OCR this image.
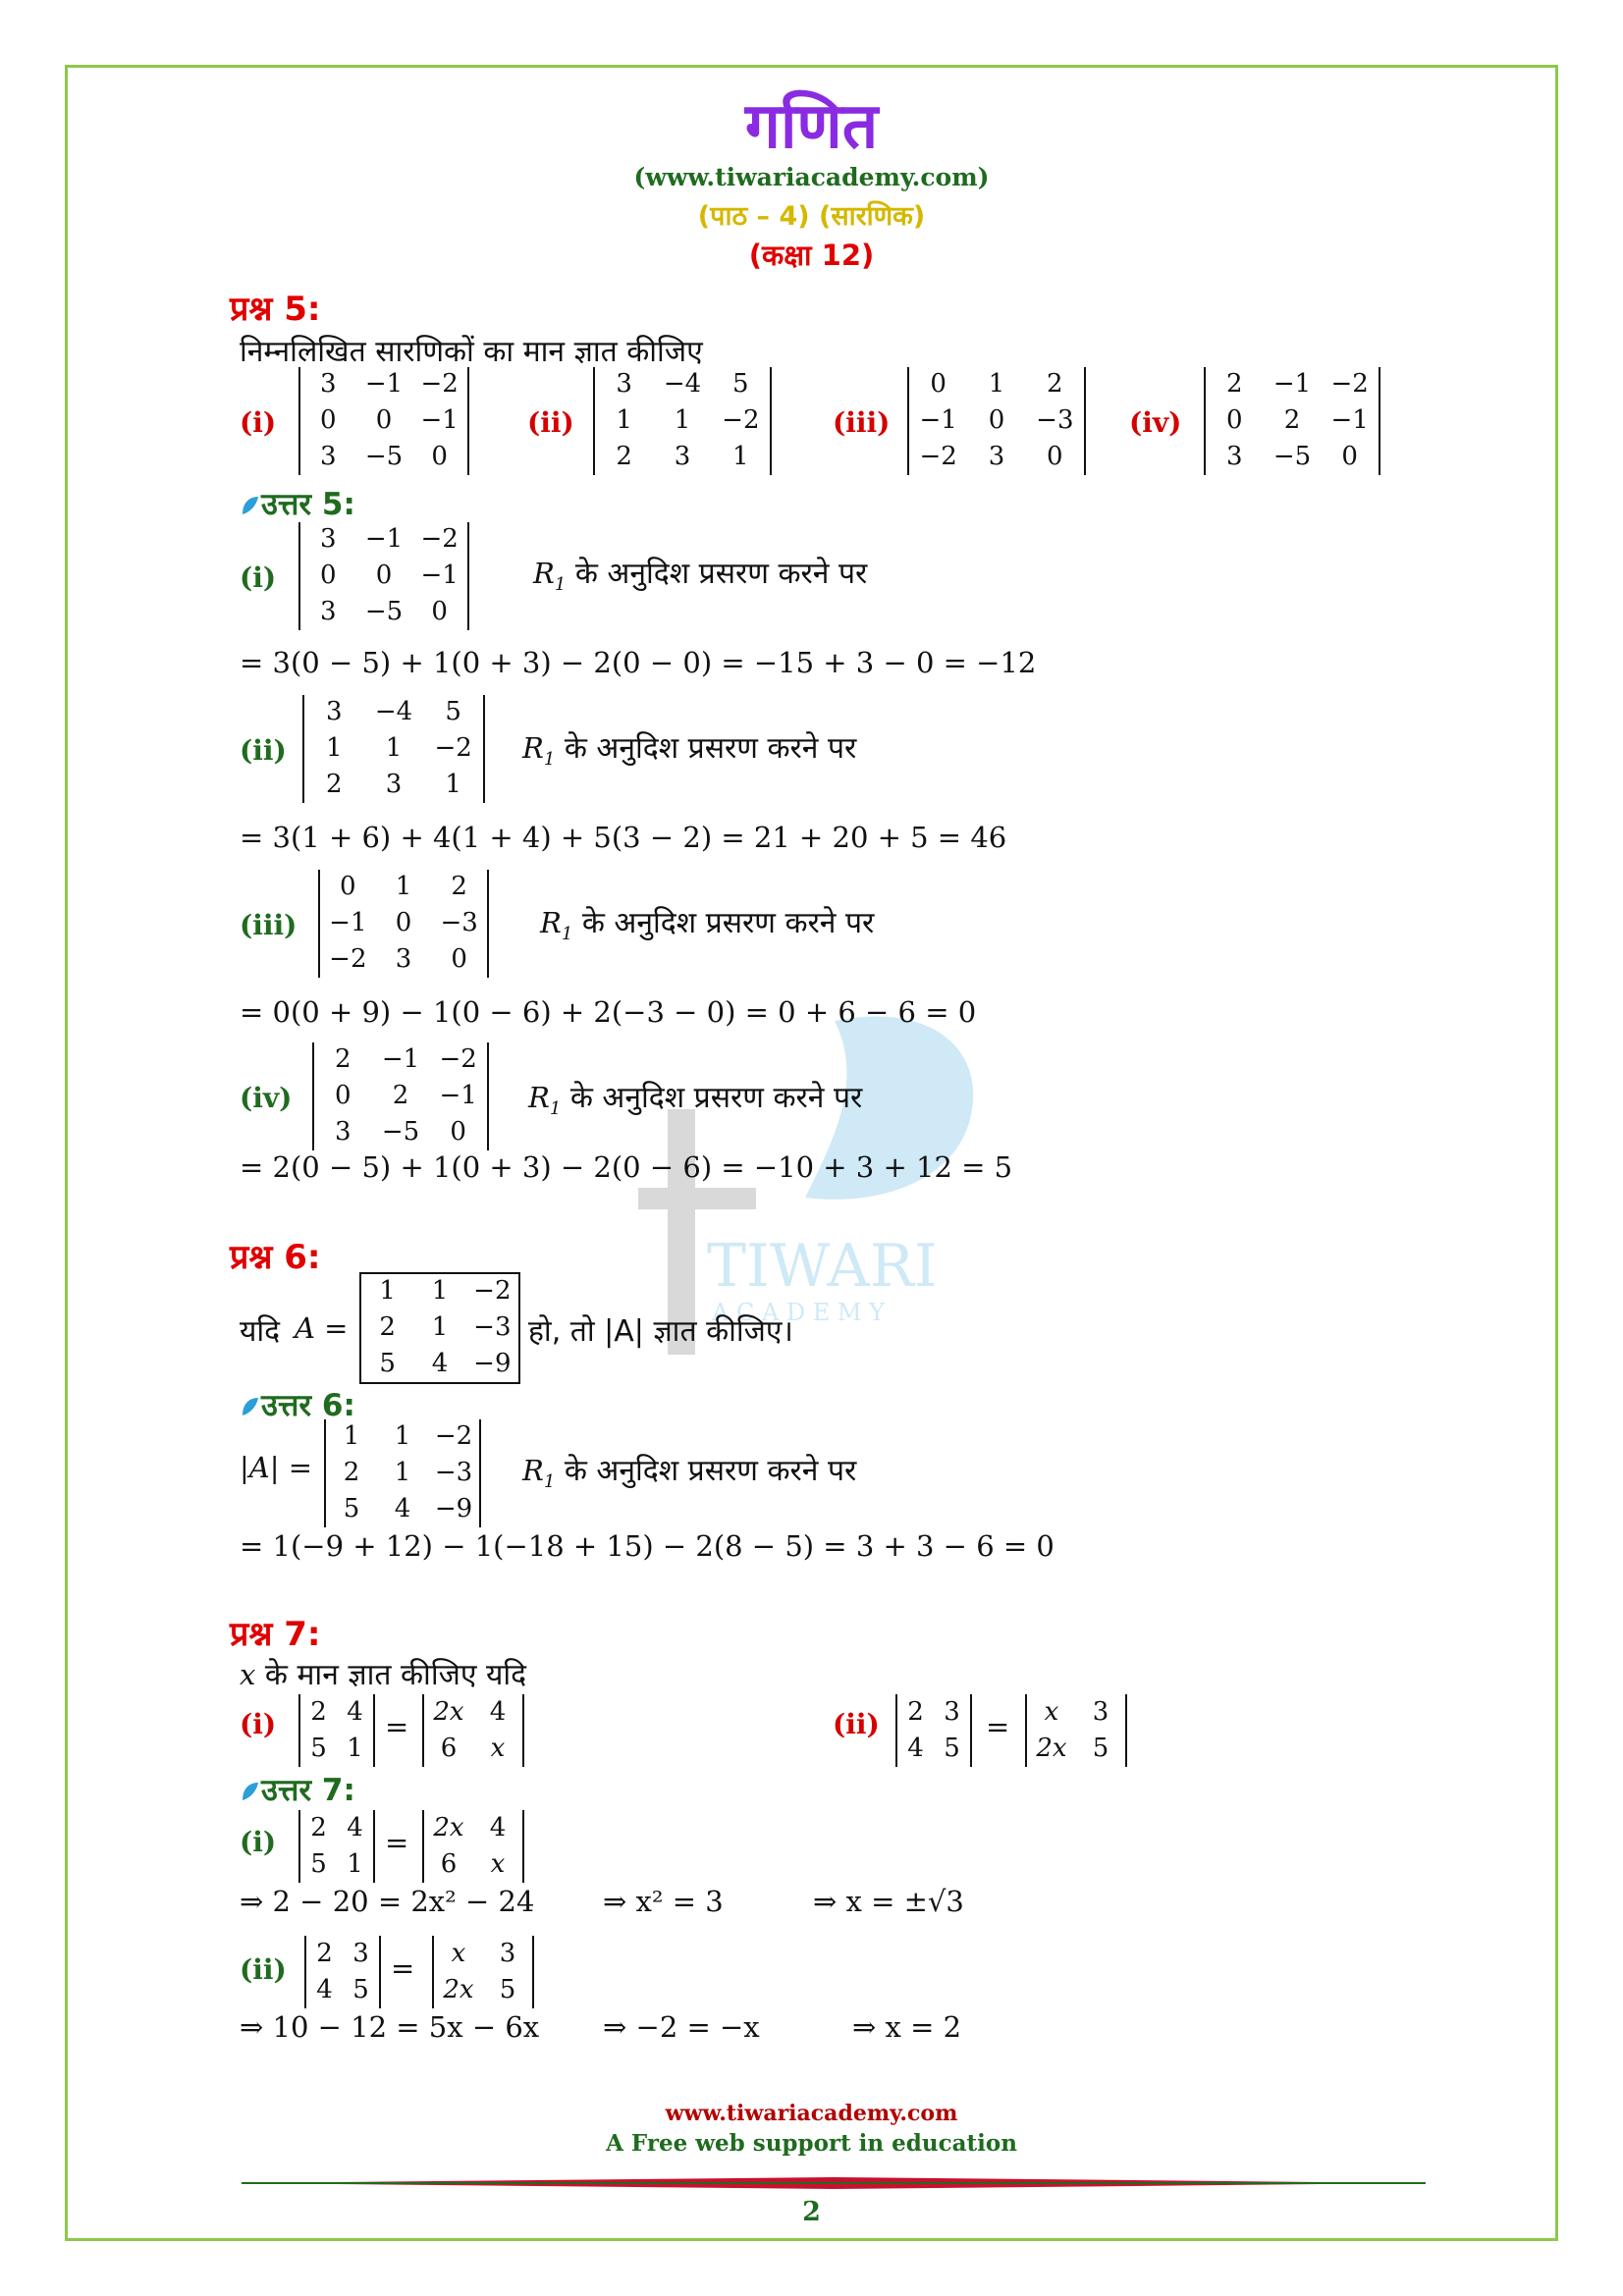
TIWARI
A C A D E M Y
गणित
(www.tiwariacademy.com)
(पाठ – 4) (सारणिक)
(कक्षा 12)
प्रश्न 5:
निम्नलिखित सारणिकों का मान ज्ञात कीजिए
(i)
3	−1 −2
0	0	−1
3	−5	0
(ii)
3	−4	5
1	1	−2
2	3	1
(iii)
0	1	2
−1	0	−3
−2	3	0
(iv)
2	−1 −2
0	2	−1
3	−5	0
उत्तर 5:
(i)
3	−1 −2
0	0	−1
3	−5	0
$R_1$ के अनुदिश प्रसरण करने पर
= 3(0 − 5) + 1(0 + 3) − 2(0 − 0) = −15 + 3 − 0 = −12
(ii)
3	−4	5
1	1	−2
2	3	1
$R_1$ के अनुदिश प्रसरण करने पर
= 3(1 + 6) + 4(1 + 4) + 5(3 − 2) = 21 + 20 + 5 = 46
(iii)
0	1	2
−1	0	−3
−2	3	0
$R_1$ के अनुदिश प्रसरण करने पर
= 0(0 + 9) − 1(0 − 6) + 2(−3 − 0) = 0 + 6 − 6 = 0
(iv)
2	−1 −2
0	2	−1
3	−5	0
$R_1$ के अनुदिश प्रसरण करने पर
= 2(0 − 5) + 1(0 + 3) − 2(0 − 6) = −10 + 3 + 12 = 5
प्रश्न 6:
यदि A =
1	1 −2
2	1 −3
5	4 −9
हो, तो |A| ज्ञात कीजिए।
उत्तर 6:
|A| =
1	1 −2
2	1 −3
5	4 −9
$R_1$ के अनुदिश प्रसरण करने पर
= 1(−9 + 12) − 1(−18 + 15) − 2(8 − 5) = 3 + 3 − 6 = 0
प्रश्न 7:
x के मान ज्ञात कीजिए यदि
(i)	2 4
5 1
= 2x	4
6	x
(ii)	2 3
4 5
=	x	3
2x	5
उत्तर 7:
(i)	2 4
5 1
= 2x	4
6	x
⇒ 2 − 20 = 2x² − 24 ⇒ x² = 3	⇒ x = ±√3
(ii)
2 3
4 5
=	x	3
2x	5
⇒ 10 − 12 = 5x − 6x ⇒ −2 = −x	⇒ x = 2
www.tiwariacademy.com
A Free web support in education
2
